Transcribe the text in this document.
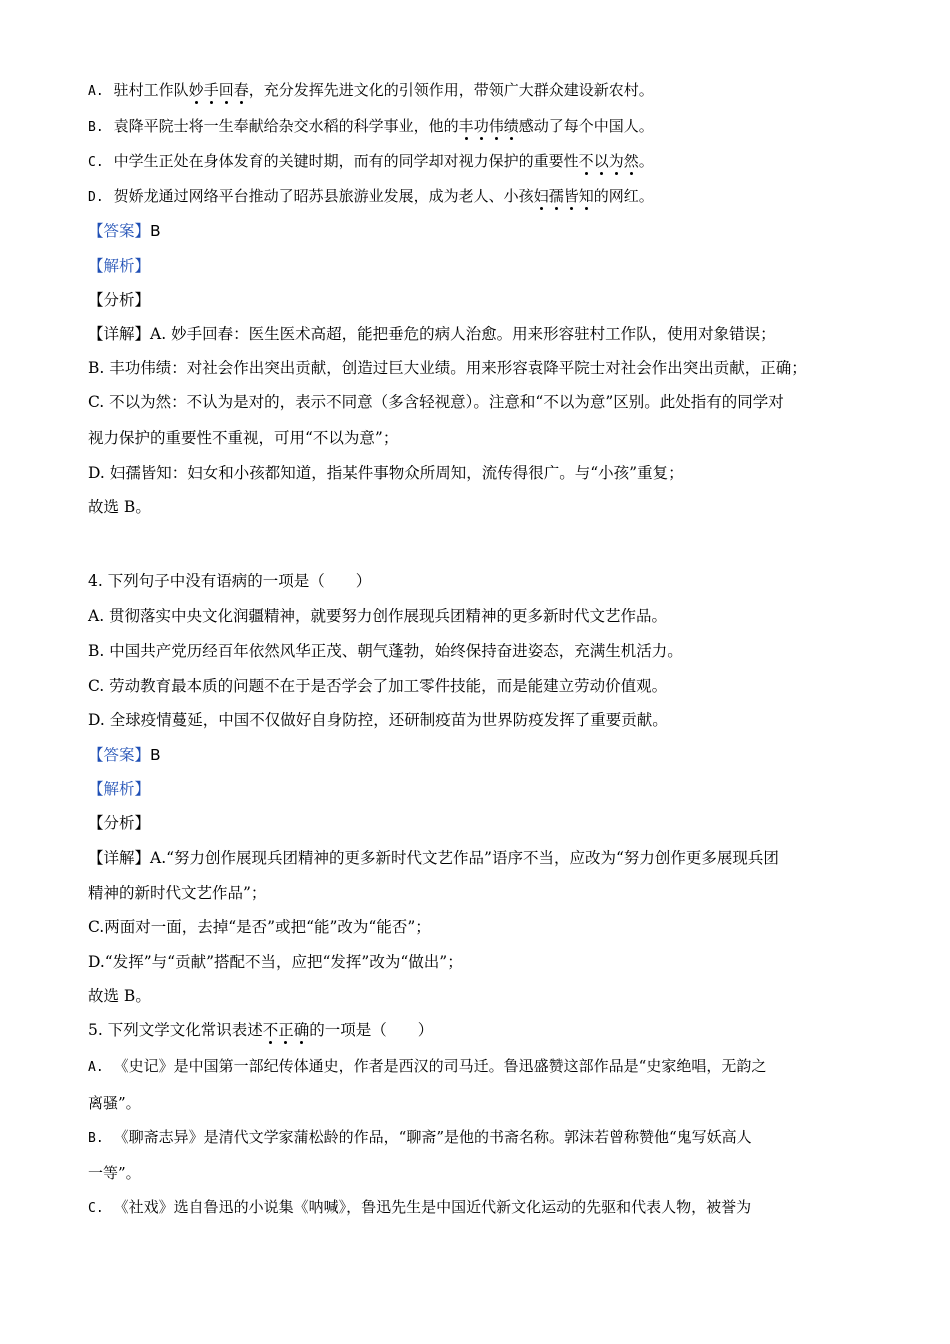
A. 驻村工作队妙手回春，充分发挥先进文化的引领作用，带领广大群众建设新农村。
B. 袁降平院士将一生奉献给杂交水稻的科学事业，他的丰功伟绩感动了每个中国人。
C. 中学生正处在身体发育的关键时期，而有的同学却对视力保护的重要性不以为然。
D. 贺娇龙通过网络平台推动了昭苏县旅游业发展，成为老人、小孩妇孺皆知的网红。
【答案】B
【解析】
【分析】
【详解】A. 妙手回春：医生医术高超，能把垂危的病人治愈。用来形容驻村工作队，使用对象错误；
B. 丰功伟绩：对社会作出突出贡献，创造过巨大业绩。用来形容袁降平院士对社会作出突出贡献，正确；
C. 不以为然：不认为是对的，表示不同意（多含轻视意）。注意和“不以为意”区别。此处指有的同学对
视力保护的重要性不重视，可用“不以为意”；
D. 妇孺皆知：妇女和小孩都知道，指某件事物众所周知，流传得很广。与“小孩”重复；
故选 B。
4. 下列句子中没有语病的一项是（　　）
A. 贯彻落实中央文化润疆精神，就要努力创作展现兵团精神的更多新时代文艺作品。
B. 中国共产党历经百年依然风华正茂、朝气蓬勃，始终保持奋进姿态，充满生机活力。
C. 劳动教育最本质的问题不在于是否学会了加工零件技能，而是能建立劳动价值观。
D. 全球疫情蔓延，中国不仅做好自身防控，还研制疫苗为世界防疫发挥了重要贡献。
【答案】B
【解析】
【分析】
【详解】A.“努力创作展现兵团精神的更多新时代文艺作品”语序不当，应改为“努力创作更多展现兵团
精神的新时代文艺作品”；
C.两面对一面，去掉“是否”或把“能”改为“能否”；
D.“发挥”与“贡献”搭配不当，应把“发挥”改为“做出”；
故选 B。
5. 下列文学文化常识表述不正确的一项是（　　）
A. 《史记》是中国第一部纪传体通史，作者是西汉的司马迁。鲁迅盛赞这部作品是“史家绝唱，无韵之
离骚”。
B. 《聊斋志异》是清代文学家蒲松龄的作品，“聊斋”是他的书斋名称。郭沫若曾称赞他“鬼写妖高人
一等”。
C. 《社戏》选自鲁迅的小说集《呐喊》，鲁迅先生是中国近代新文化运动的先驱和代表人物，被誉为
